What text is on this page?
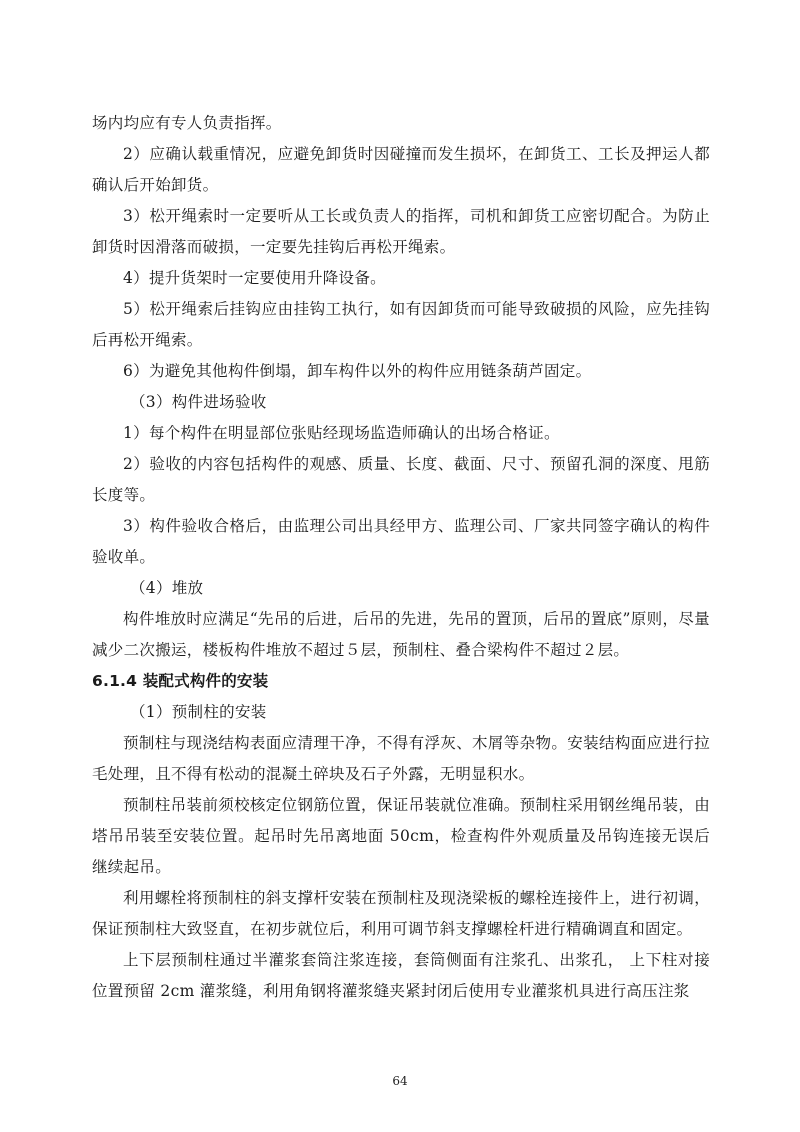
场内均应有专人负责指挥。

2）应确认载重情况，应避免卸货时因碰撞而发生损坏，在卸货工、工长及押运人都确认后开始卸货。

3）松开绳索时一定要听从工长或负责人的指挥，司机和卸货工应密切配合。为防止卸货时因滑落而破损，一定要先挂钩后再松开绳索。

4）提升货架时一定要使用升降设备。

5）松开绳索后挂钩应由挂钩工执行，如有因卸货而可能导致破损的风险，应先挂钩后再松开绳索。

6）为避免其他构件倒塌，卸车构件以外的构件应用链条葫芦固定。

（3）构件进场验收

1）每个构件在明显部位张贴经现场监造师确认的出场合格证。

2）验收的内容包括构件的观感、质量、长度、截面、尺寸、预留孔洞的深度、甩筋长度等。

3）构件验收合格后，由监理公司出具经甲方、监理公司、厂家共同签字确认的构件验收单。

（4）堆放

构件堆放时应满足“先吊的后进，后吊的先进，先吊的置顶，后吊的置底”原则，尽量减少二次搬运，楼板构件堆放不超过５层，预制柱、叠合梁构件不超过２层。

6.1.4 装配式构件的安装

（1）预制柱的安装

预制柱与现浇结构表面应清理干净，不得有浮灰、木屑等杂物。安装结构面应进行拉毛处理，且不得有松动的混凝土碎块及石子外露，无明显积水。

预制柱吊装前须校核定位钢筋位置，保证吊装就位准确。预制柱采用钢丝绳吊装，由塔吊吊装至安装位置。起吊时先吊离地面 50cm，检查构件外观质量及吊钩连接无误后继续起吊。

利用螺栓将预制柱的斜支撑杆安装在预制柱及现浇梁板的螺栓连接件上，进行初调，保证预制柱大致竖直，在初步就位后，利用可调节斜支撑螺栓杆进行精确调直和固定。

上下层预制柱通过半灌浆套筒注浆连接，套筒侧面有注浆孔、出浆孔， 上下柱对接位置预留 2cm 灌浆缝，利用角钢将灌浆缝夹紧封闭后使用专业灌浆机具进行高压注浆

64
